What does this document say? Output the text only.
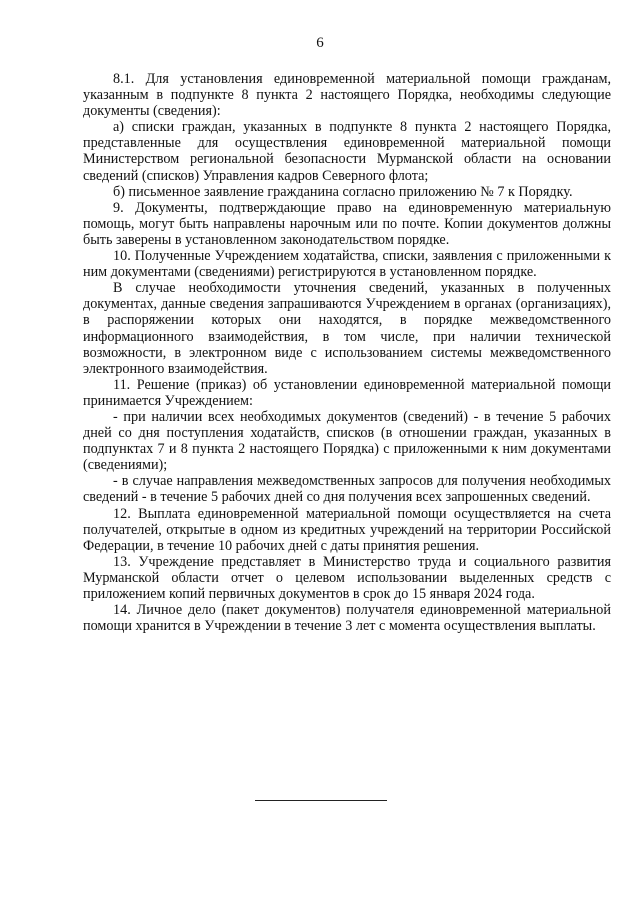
6

8.1. Для установления единовременной материальной помощи гражданам, указанным в подпункте 8 пункта 2 настоящего Порядка, необходимы следующие документы (сведения):

а) списки граждан, указанных в подпункте 8 пункта 2 настоящего Порядка, представленные для осуществления единовременной материальной помощи Министерством региональной безопасности Мурманской области на основании сведений (списков) Управления кадров Северного флота;

б) письменное заявление гражданина согласно приложению № 7 к Порядку.

9. Документы, подтверждающие право на единовременную материальную помощь, могут быть направлены нарочным или по почте. Копии документов должны быть заверены в установленном законодательством порядке.

10. Полученные Учреждением ходатайства, списки, заявления с приложенными к ним документами (сведениями) регистрируются в установленном порядке.

В случае необходимости уточнения сведений, указанных в полученных документах, данные сведения запрашиваются Учреждением в органах (организациях), в распоряжении которых они находятся, в порядке межведомственного информационного взаимодействия, в том числе, при наличии технической возможности, в электронном виде с использованием системы межведомственного электронного взаимодействия.

11. Решение (приказ) об установлении единовременной материальной помощи принимается Учреждением:

- при наличии всех необходимых документов (сведений) - в течение 5 рабочих дней со дня поступления ходатайств, списков (в отношении граждан, указанных в подпунктах 7 и 8 пункта 2 настоящего Порядка) с приложенными к ним документами (сведениями);

- в случае направления межведомственных запросов для получения необходимых сведений - в течение 5 рабочих дней со дня получения всех запрошенных сведений.

12. Выплата единовременной материальной помощи осуществляется на счета получателей, открытые в одном из кредитных учреждений на территории Российской Федерации, в течение 10 рабочих дней с даты принятия решения.

13. Учреждение представляет в Министерство труда и социального развития Мурманской области отчет о целевом использовании выделенных средств с приложением копий первичных документов в срок до 15 января 2024 года.

14. Личное дело (пакет документов) получателя единовременной материальной помощи хранится в Учреждении в течение 3 лет с момента осуществления выплаты.
